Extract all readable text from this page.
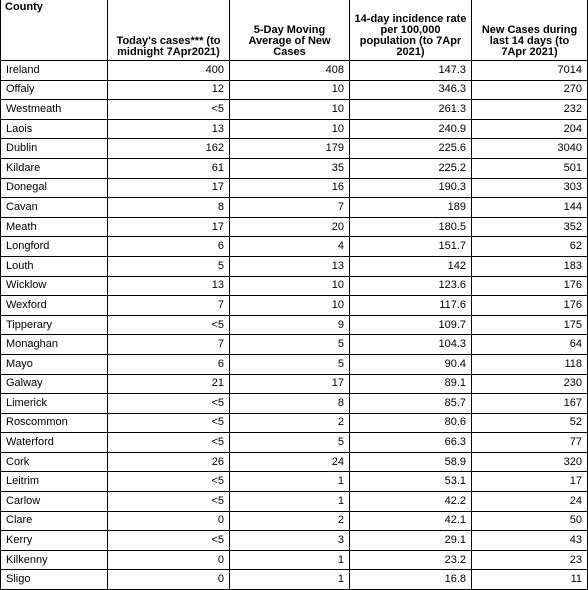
County	Today's cases*** (to midnight 7Apr2021)	5-Day Moving Average of New Cases	14-day incidence rate per 100,000 population (to 7Apr 2021)	New Cases during last 14 days (to 7Apr 2021)
Ireland	400	408	147.3	7014
Offaly	12	10	346.3	270
Westmeath	<5	10	261.3	232
Laois	13	10	240.9	204
Dublin	162	179	225.6	3040
Kildare	61	35	225.2	501
Donegal	17	16	190.3	303
Cavan	8	7	189	144
Meath	17	20	180.5	352
Longford	6	4	151.7	62
Louth	5	13	142	183
Wicklow	13	10	123.6	176
Wexford	7	10	117.6	176
Tipperary	<5	9	109.7	175
Monaghan	7	5	104.3	64
Mayo	6	5	90.4	118
Galway	21	17	89.1	230
Limerick	<5	8	85.7	167
Roscommon	<5	2	80.6	52
Waterford	<5	5	66.3	77
Cork	26	24	58.9	320
Leitrim	<5	1	53.1	17
Carlow	<5	1	42.2	24
Clare	0	2	42.1	50
Kerry	<5	3	29.1	43
Kilkenny	0	1	23.2	23
Sligo	0	1	16.8	11
